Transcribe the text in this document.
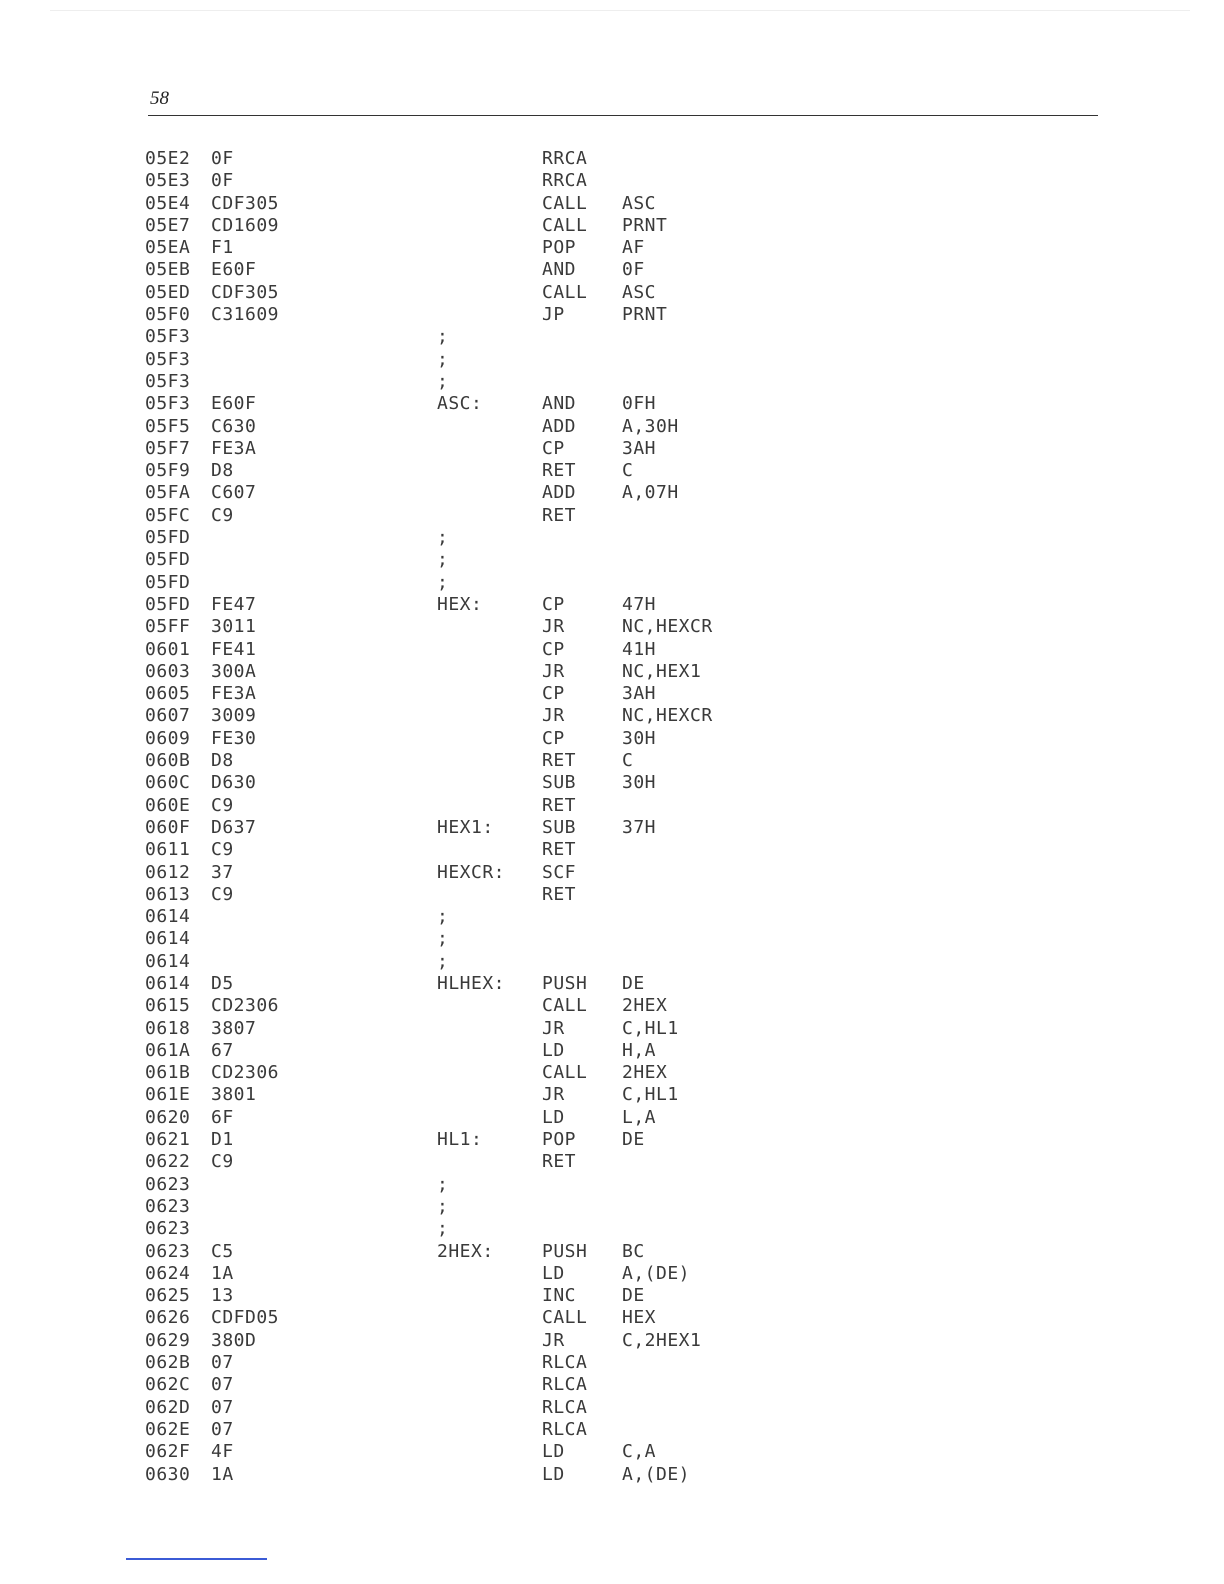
58
05E2 0F	RRCA
05E3 0F	RRCA
05E4 CDF305	CALL ASC
05E7 CD1609	CALL PRNT
05EA F1	POP	AF
05EB E60F	AND	0F
05ED CDF305	CALL ASC
05F0 C31609	JP	PRNT
05F3	;
05F3	;
05F3	;
05F3 E60F	ASC:	AND	0FH
05F5 C630	ADD	A,30H
05F7 FE3A	CP	3AH
05F9 D8	RET	C
05FA C607	ADD	A,07H
05FC C9	RET
05FD	;
05FD	;
05FD	;
05FD FE47	HEX:	CP	47H
05FF 3011	JR	NC,HEXCR
0601 FE41	CP	41H
0603 300A	JR	NC,HEX1
0605 FE3A	CP	3AH
0607 3009	JR	NC,HEXCR
0609 FE30	CP	30H
060B D8	RET	C
060C D630	SUB	30H
060E C9	RET
060F D637	HEX1:	SUB	37H
0611 C9	RET
0612 37	HEXCR: SCF
0613 C9	RET
0614	;
0614	;
0614	;
0614 D5	HLHEX: PUSH DE
0615 CD2306	CALL 2HEX
0618 3807	JR	C,HL1
061A 67	LD	H,A
061B CD2306	CALL 2HEX
061E 3801	JR	C,HL1
0620 6F	LD	L,A
0621 D1	HL1:	POP	DE
0622 C9	RET
0623	;
0623	;
0623	;
0623 C5	2HEX:	PUSH BC
0624 1A	LD	A,(DE)
0625 13	INC	DE
0626 CDFD05	CALL HEX
0629 380D	JR	C,2HEX1
062B 07	RLCA
062C 07	RLCA
062D 07	RLCA
062E 07	RLCA
062F 4F	LD	C,A
0630 1A	LD	A,(DE)
